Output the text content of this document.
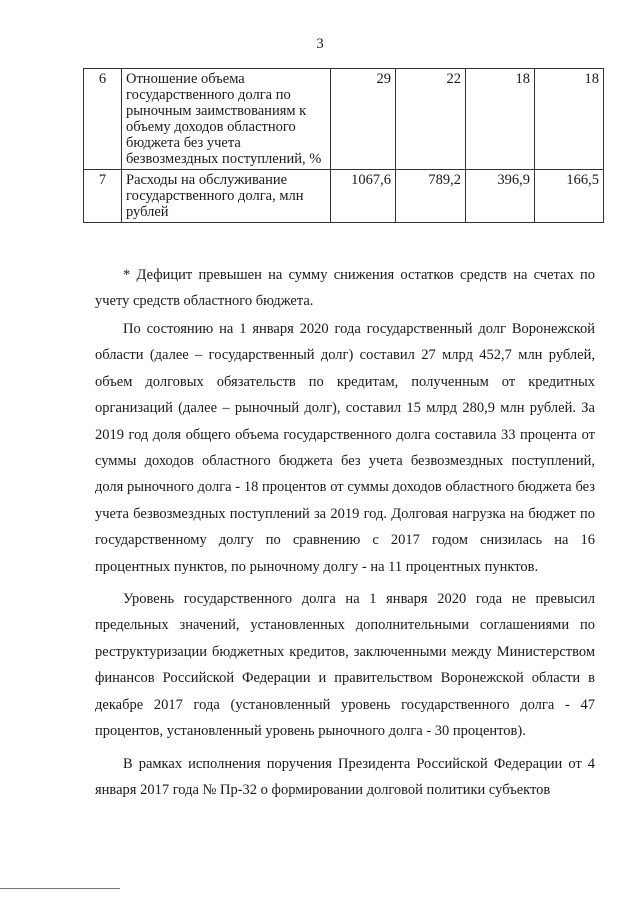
3
6	Отношение объема государственного долга по рыночным заимствованиям к объему доходов областного бюджета без учета безвозмездных поступлений, %	29	22	18	18
7	Расходы на обслуживание государственного долга, млн рублей	1067,6	789,2	396,9	166,5

* Дефицит превышен на сумму снижения остатков средств на счетах по учету средств областного бюджета.

По состоянию на 1 января 2020 года государственный долг Воронежской области (далее – государственный долг) составил 27 млрд 452,7 млн рублей, объем долговых обязательств по кредитам, полученным от кредитных организаций (далее – рыночный долг), составил 15 млрд 280,9 млн рублей. За 2019 год доля общего объема государственного долга составила 33 процента от суммы доходов областного бюджета без учета безвозмездных поступлений, доля рыночного долга - 18 процентов от суммы доходов областного бюджета без учета безвозмездных поступлений за 2019 год. Долговая нагрузка на бюджет по государственному долгу по сравнению с 2017 годом снизилась на 16 процентных пунктов, по рыночному долгу - на 11 процентных пунктов.

Уровень государственного долга на 1 января 2020 года не превысил предельных значений, установленных дополнительными соглашениями по реструктуризации бюджетных кредитов, заключенными между Министерством финансов Российской Федерации и правительством Воронежской области в декабре 2017 года (установленный уровень государственного долга - 47 процентов, установленный уровень рыночного долга - 30 процентов).

В рамках исполнения поручения Президента Российской Федерации от 4 января 2017 года № Пр-32 о формировании долговой политики субъектов
